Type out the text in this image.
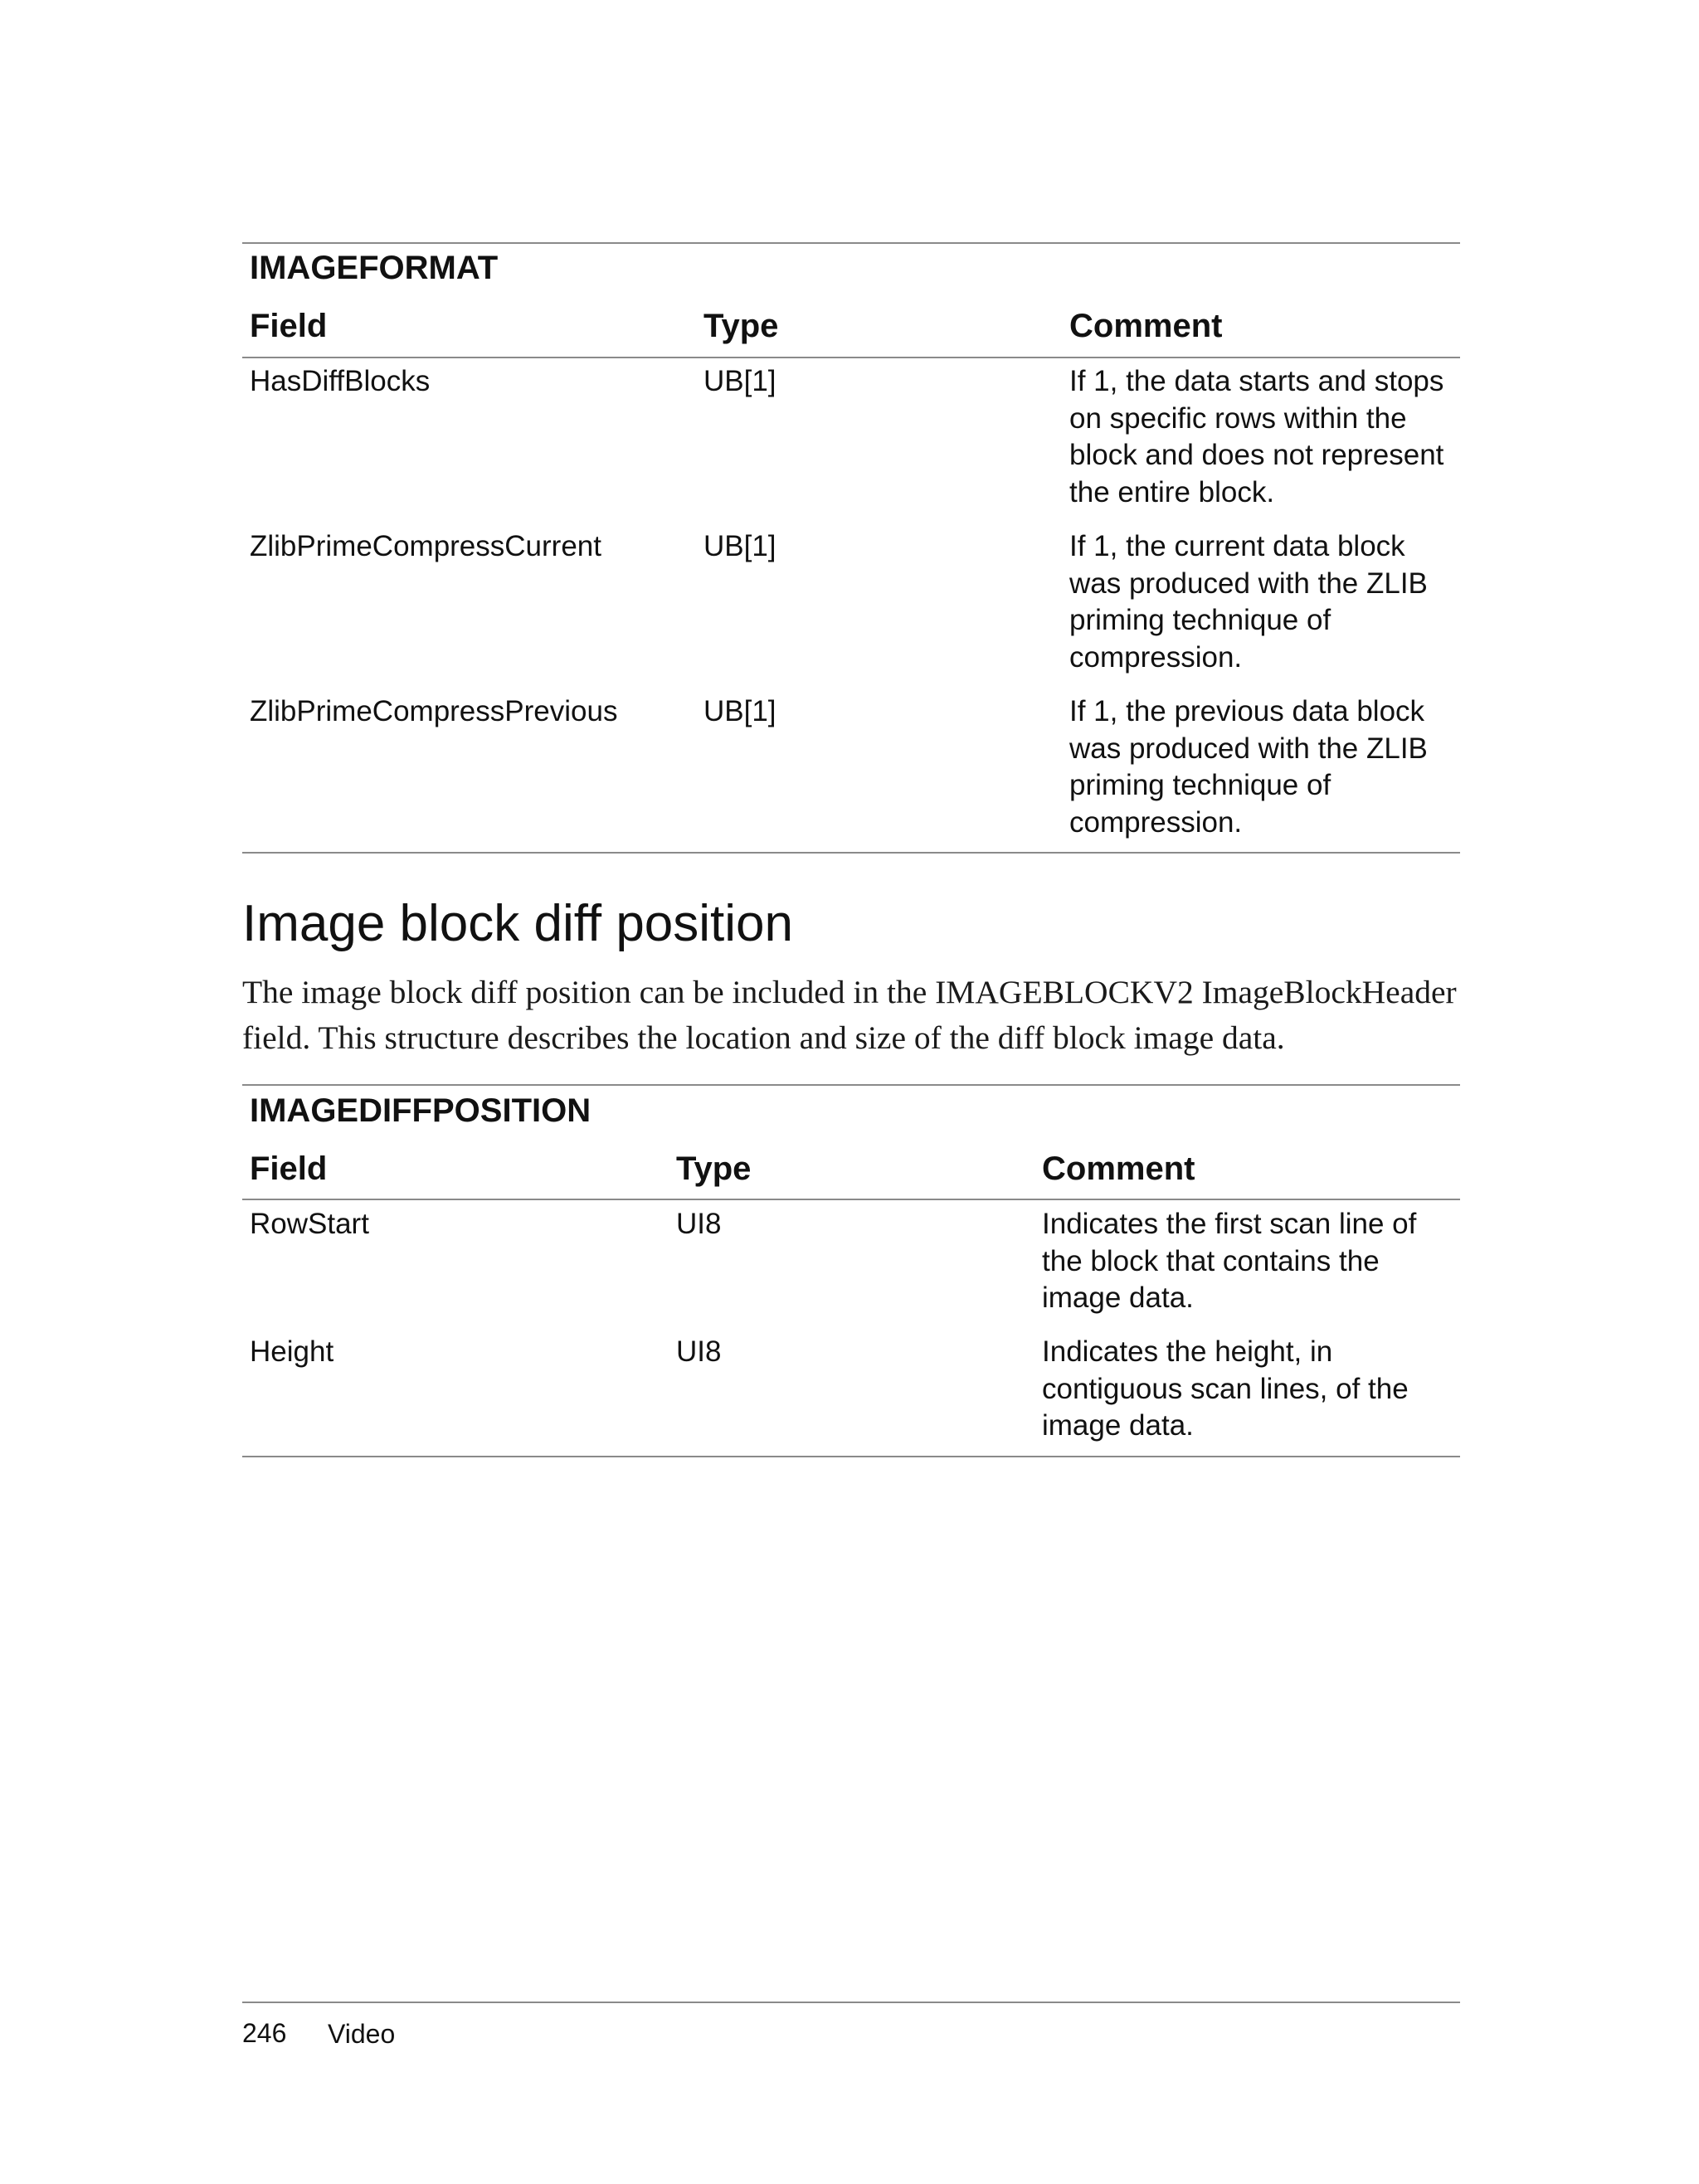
IMAGEFORMAT
Field	Type	Comment
HasDiffBlocks	UB[1]	If 1, the data starts and stops
on specific rows within the
block and does not represent
the entire block.
ZlibPrimeCompressCurrent	UB[1]	If 1, the current data block
was produced with the ZLIB
priming technique of
compression.
ZlibPrimeCompressPrevious	UB[1]	If 1, the previous data block
was produced with the ZLIB
priming technique of
compression.
Image block diff position
The image block diff position can be included in the IMAGEBLOCKV2 ImageBlockHeader
field. This structure describes the location and size of the diff block image data.
IMAGEDIFFPOSITION
Field	Type	Comment
RowStart	UI8	Indicates the first scan line of
the block that contains the
image data.
Height	UI8	Indicates the height, in
contiguous scan lines, of the
image data.
246 Video
